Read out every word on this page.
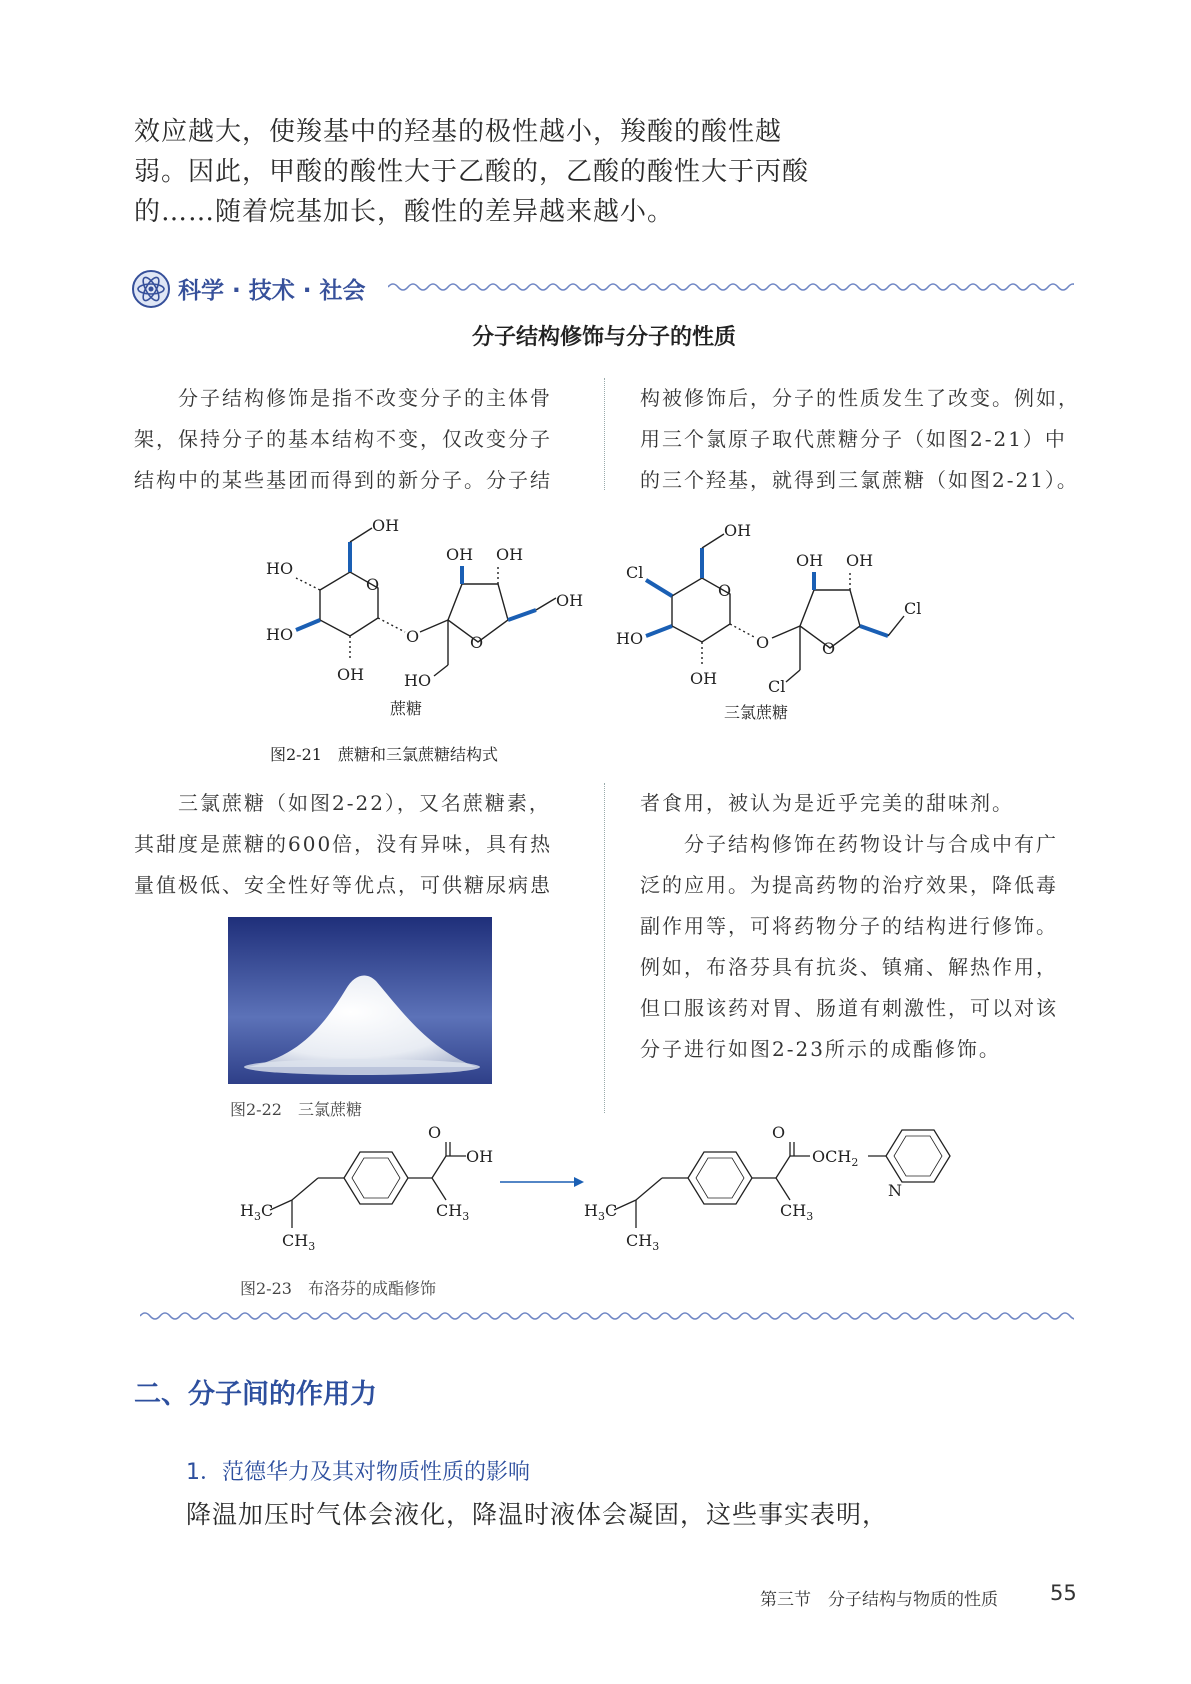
效应越大，使羧基中的羟基的极性越小，羧酸的酸性越
弱。因此，甲酸的酸性大于乙酸的，乙酸的酸性大于丙酸
的……随着烷基加长，酸性的差异越来越小。
科学 · 技术 · 社会
分子结构修饰与分子的性质
　　分子结构修饰是指不改变分子的主体骨
架，保持分子的基本结构不变，仅改变分子
结构中的某些基团而得到的新分子。分子结
构被修饰后，分子的性质发生了改变。例如，
用三个氯原子取代蔗糖分子（如图2-21）中
的三个羟基，就得到三氯蔗糖（如图2-21）。
OH
HO
HO
O
OH
O
OH OH
OH
O
HO
蔗糖
OH
Cl
HO
O
OH
O
OH OH
Cl
O
Cl
三氯蔗糖
图2-21　蔗糖和三氯蔗糖结构式
　　三氯蔗糖（如图2-22），又名蔗糖素，
其甜度是蔗糖的600倍，没有异味，具有热
量值极低、安全性好等优点，可供糖尿病患
图2-22　三氯蔗糖
者食用，被认为是近乎完美的甜味剂。
　　分子结构修饰在药物设计与合成中有广
泛的应用。为提高药物的治疗效果，降低毒
副作用等，可将药物分子的结构进行修饰。
例如，布洛芬具有抗炎、镇痛、解热作用，
但口服该药对胃、肠道有刺激性，可以对该
分子进行如图2-23所示的成酯修饰。
$H_3C$
$CH_3$
O
OH
$CH_3$	$H_3C$
$CH_3$
O
$OCH_2$
$CH_3$
N
图2-23　布洛芬的成酯修饰
二、分子间的作用力
1．范德华力及其对物质性质的影响
降温加压时气体会液化，降温时液体会凝固，这些事实表明，
第三节　分子结构与物质的性质 55
